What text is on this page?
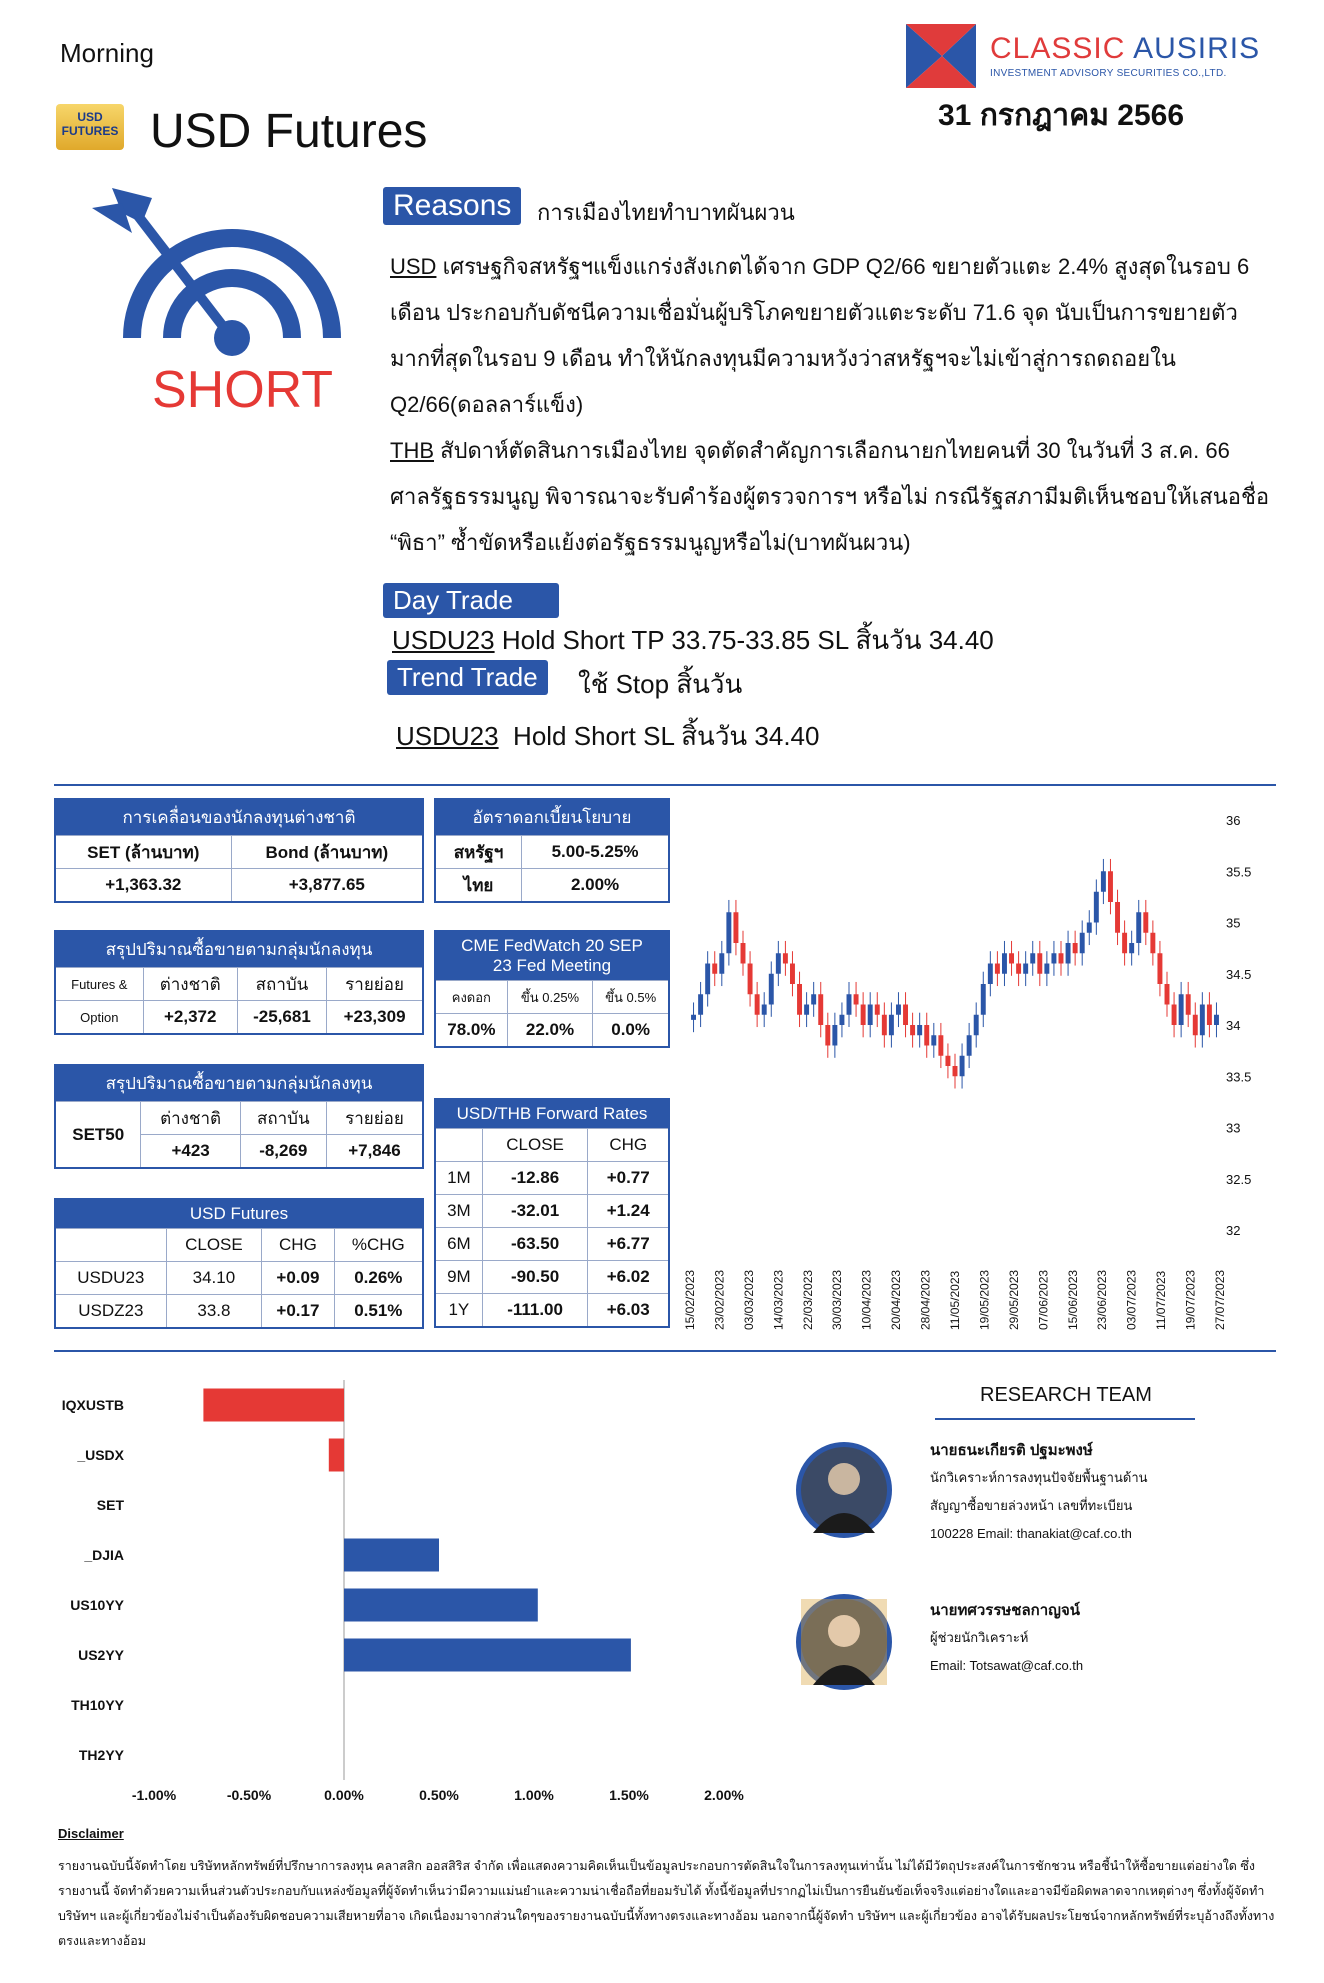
Morning	CLASSIC AUSIRIS
INVESTMENT ADVISORY SECURITIES CO.,LTD.
31 กรกฎาคม 2566
USD FUTURES USD Futures
SHORT
Reasons	การเมืองไทยทำบาทผันผวน
USD เศรษฐกิจสหรัฐฯแข็งแกร่งสังเกตได้จาก GDP Q2/66 ขยายตัวแตะ 2.4% สูงสุดในรอบ 6 เดือน ประกอบกับดัชนีความเชื่อมั่นผู้บริโภคขยายตัวแตะระดับ 71.6 จุด นับเป็นการขยายตัวมากที่สุดในรอบ 9 เดือน ทำให้นักลงทุนมีความหวังว่าสหรัฐฯจะไม่เข้าสู่การถดถอยใน Q2/66(ดอลลาร์แข็ง)
THB สัปดาห์ตัดสินการเมืองไทย จุดตัดสำคัญการเลือกนายกไทยคนที่ 30 ในวันที่ 3 ส.ค. 66 ศาลรัฐธรรมนูญ พิจารณาจะรับคำร้องผู้ตรวจการฯ หรือไม่ กรณีรัฐสภามีมติเห็นชอบให้เสนอชื่อ “พิธา” ซ้ำขัดหรือแย้งต่อรัฐธรรมนูญหรือไม่(บาทผันผวน)
Day Trade
USDU23 Hold Short TP 33.75-33.85 SL สิ้นวัน 34.40
Trend Trade	ใช้ Stop สิ้นวัน
USDU23 Hold Short SL สิ้นวัน 34.40
การเคลื่อนของนักลงทุนต่างชาติ	
SET (ล้านบาท)	Bond (ล้านบาท)
+1,363.32	+3,877.65
อัตราดอกเบี้ยนโยบาย	
สหรัฐฯ	5.00-5.25%
ไทย	2.00%
สรุปปริมาณซื้อขายตามกลุ่มนักลงทุน			
Futures &	ต่างชาติ	สถาบัน	รายย่อย
Option	+2,372	-25,681	+23,309
CME FedWatch 20 SEP
23 Fed Meeting		
คงดอก	ขึ้น 0.25%	ขึ้น 0.5%
78.0%	22.0%	0.0%
สรุปปริมาณซื้อขายตามกลุ่มนักลงทุน			
SET50	ต่างชาติ	สถาบัน	รายย่อย
	+423	-8,269	+7,846
USD/THB Forward Rates		
	CLOSE	CHG
1M	-12.86	+0.77
3M	-32.01	+1.24
6M	-63.50	+6.77
9M	-90.50	+6.02
1Y	-111.00	+6.03
USD Futures			
	CLOSE	CHG	%CHG
USDU23	34.10	+0.09	0.26%
USDZ23	33.8	+0.17	0.51%
36
35.5
35
34.5
34
33.5
33
32.5
32
15/02/2023 23/02/2023 03/03/2023 14/03/2023 22/03/2023 30/03/2023 10/04/2023 20/04/2023 28/04/2023 11/05/2023 19/05/2023 29/05/2023 07/06/2023 15/06/2023 23/06/2023 03/07/2023 11/07/2023 19/07/2023 27/07/2023
IQXUSTB
_USDX
SET
_DJIA
US10YY
US2YY
TH10YY
TH2YY
-1.00%	-0.50%	0.00%	0.50%	1.00%	1.50%	2.00%
RESEARCH TEAM
นายธนะเกียรติ ปฐมะพงษ์
นักวิเคราะห์การลงทุนปัจจัยพื้นฐานด้าน
สัญญาซื้อขายล่วงหน้า เลขที่ทะเบียน
100228 Email: thanakiat@caf.co.th
นายทศวรรษชลกาญจน์
ผู้ช่วยนักวิเคราะห์
Email: Totsawat@caf.co.th
Disclaimer
รายงานฉบับนี้จัดทำโดย บริษัทหลักทรัพย์ที่ปรึกษาการลงทุน คลาสสิก ออสสิริส จำกัด เพื่อแสดงความคิดเห็นเป็นข้อมูลประกอบการตัดสินใจในการลงทุนเท่านั้น ไม่ได้มีวัตถุประสงค์ในการชักชวน หรือชี้นำให้ซื้อขายแต่อย่างใด ซึ่งรายงานนี้ จัดทำด้วยความเห็นส่วนตัวประกอบกับแหล่งข้อมูลที่ผู้จัดทำเห็นว่ามีความแม่นยำและความน่าเชื่อถือที่ยอมรับได้ ทั้งนี้ข้อมูลที่ปรากฏไม่เป็นการยืนยันข้อเท็จจริงแต่อย่างใดและอาจมีข้อผิดพลาดจากเหตุต่างๆ ซึ่งทั้งผู้จัดทำ บริษัทฯ และผู้เกี่ยวข้องไม่จำเป็นต้องรับผิดชอบความเสียหายที่อาจ เกิดเนื่องมาจากส่วนใดๆของรายงานฉบับนี้ทั้งทางตรงและทางอ้อม นอกจากนี้ผู้จัดทำ บริษัทฯ และผู้เกี่ยวข้อง อาจได้รับผลประโยชน์จากหลักทรัพย์ที่ระบุอ้างถึงทั้งทางตรงและทางอ้อม
